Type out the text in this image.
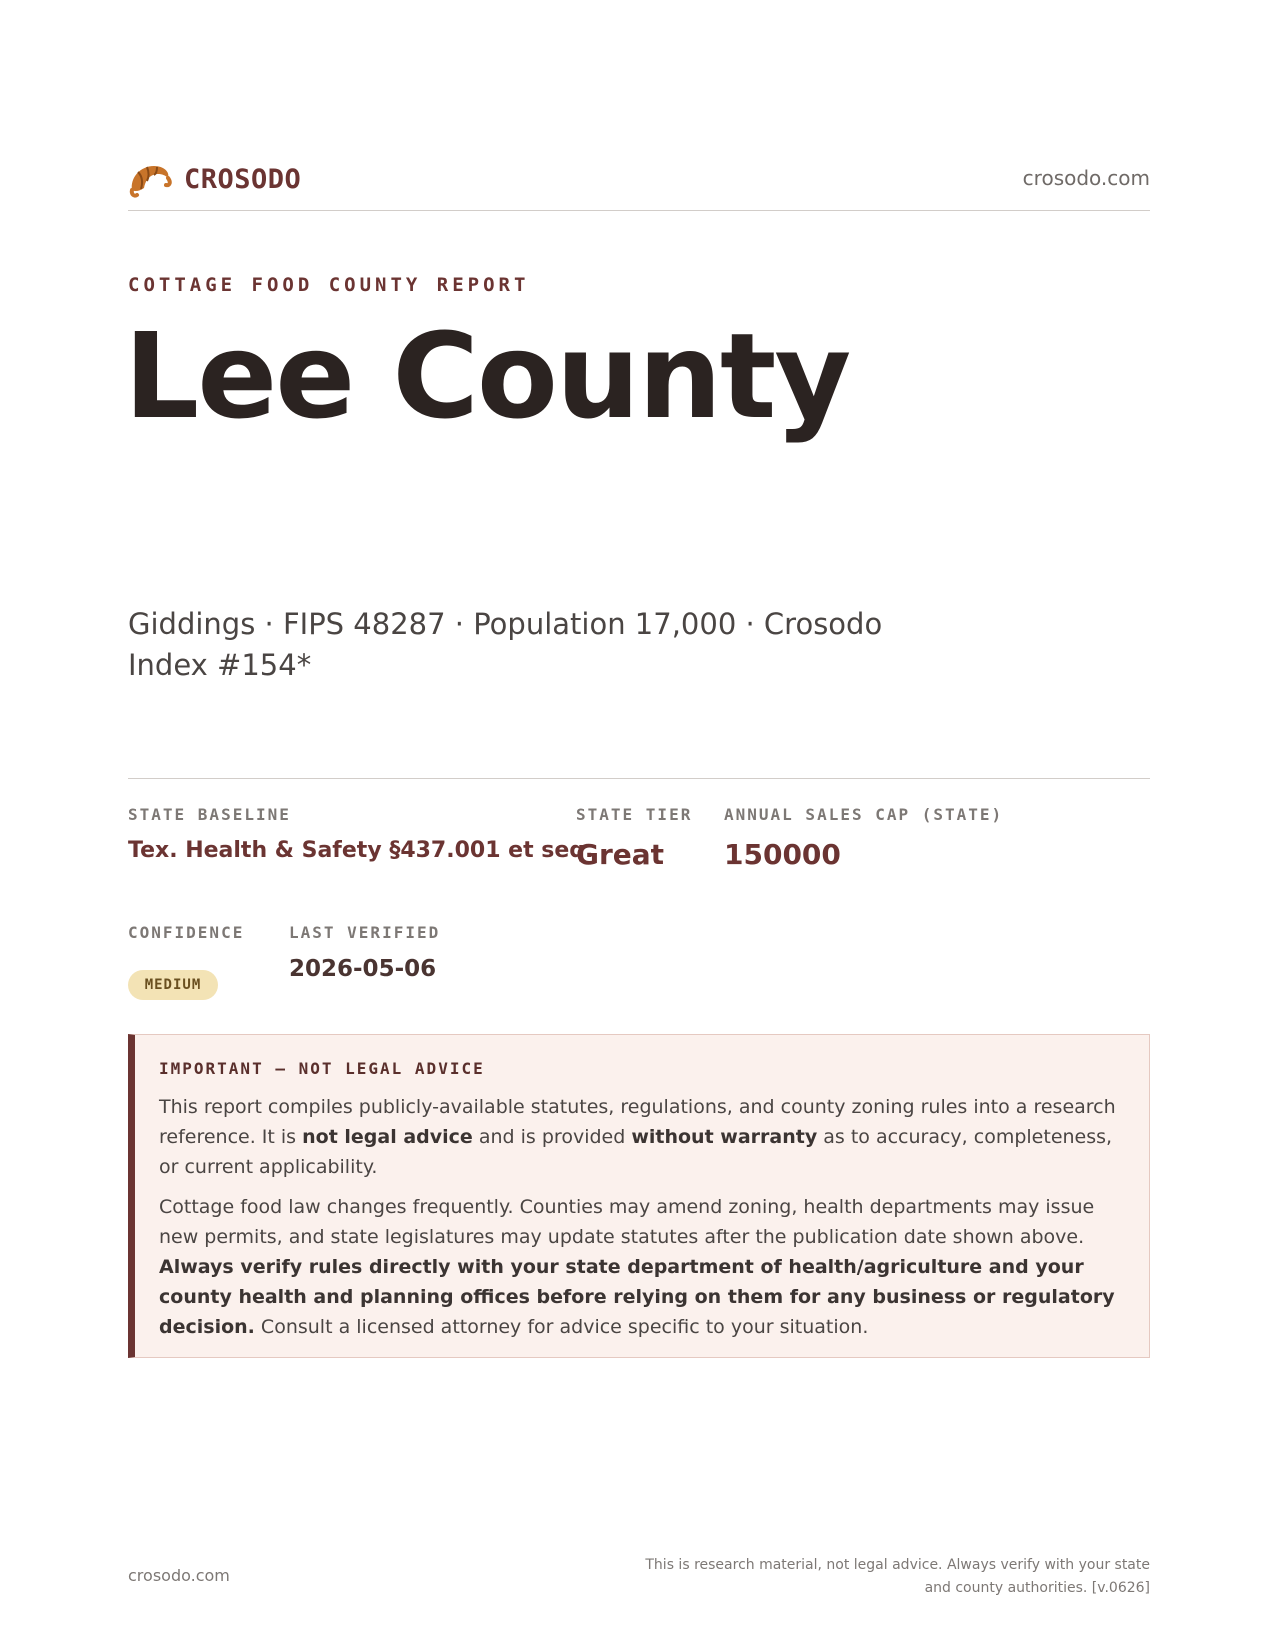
CROSODO	crosodo.com
COTTAGE FOOD COUNTY REPORT
Lee County
Giddings · FIPS 48287 · Population 17,000 · Crosodo Index #154*
STATE BASELINE
Tex. Health & Safety §437.001 et seq.
STATE TIER
Great
ANNUAL SALES CAP (STATE)
150000
CONFIDENCE
MEDIUM
LAST VERIFIED
2026-05-06
IMPORTANT — NOT LEGAL ADVICE

This report compiles publicly-available statutes, regulations, and county zoning rules into a research reference. It is not legal advice and is provided without warranty as to accuracy, completeness, or current applicability.

Cottage food law changes frequently. Counties may amend zoning, health departments may issue new permits, and state legislatures may update statutes after the publication date shown above. Always verify rules directly with your state department of health/agriculture and your county health and planning offices before relying on them for any business or regulatory decision. Consult a licensed attorney for advice specific to your situation.

crosodo.com
This is research material, not legal advice. Always verify with your state
and county authorities. [v.0626]
